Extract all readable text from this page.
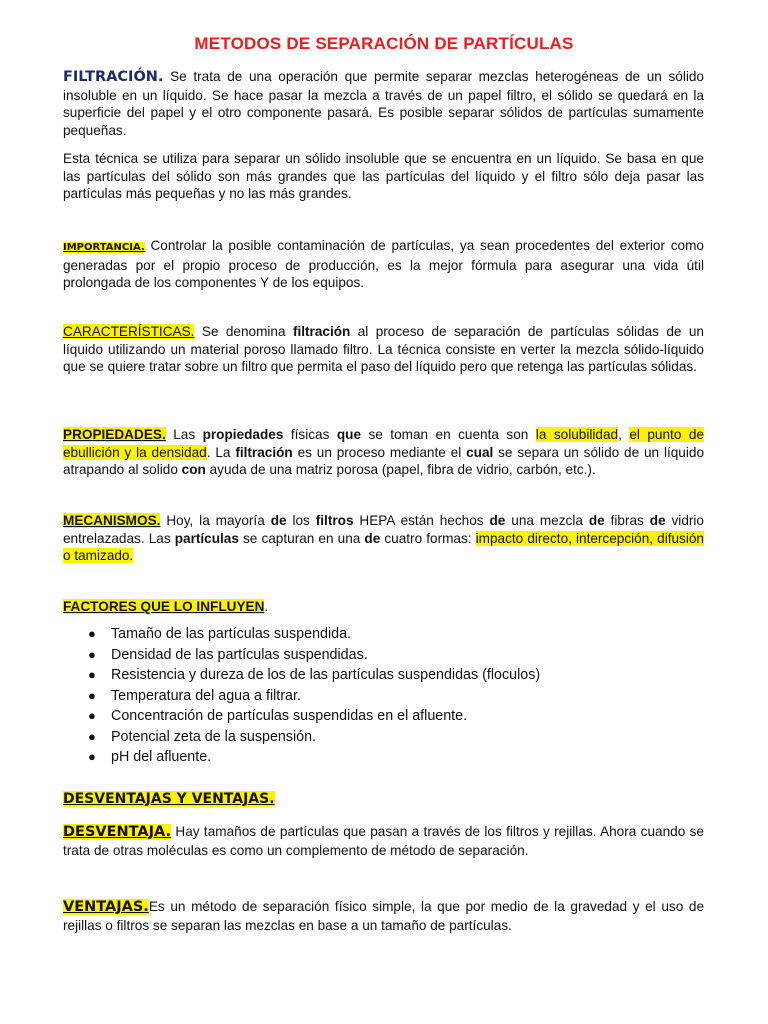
METODOS DE SEPARACIÓN DE PARTÍCULAS
FILTRACIÓN. Se trata de una operación que permite separar mezclas heterogéneas de un sólido insoluble en un líquido. Se hace pasar la mezcla a través de un papel filtro, el sólido se quedará en la superficie del papel y el otro componente pasará. Es posible separar sólidos de partículas sumamente pequeñas.
Esta técnica se utiliza para separar un sólido insoluble que se encuentra en un líquido. Se basa en que las partículas del sólido son más grandes que las partículas del líquido y el filtro sólo deja pasar las partículas más pequeñas y no las más grandes.
IMPORTANCIA. Controlar la posible contaminación de partículas, ya sean procedentes del exterior como generadas por el propio proceso de producción, es la mejor fórmula para asegurar una vida útil prolongada de los componentes Y de los equipos.
CARACTERÍSTICAS. Se denomina filtración al proceso de separación de partículas sólidas de un líquido utilizando un material poroso llamado filtro. La técnica consiste en verter la mezcla sólido-líquido que se quiere tratar sobre un filtro que permita el paso del líquido pero que retenga las partículas sólidas.
PROPIEDADES. Las propiedades físicas que se toman en cuenta son la solubilidad, el punto de ebullición y la densidad. La filtración es un proceso mediante el cual se separa un sólido de un líquido atrapando al solido con ayuda de una matriz porosa (papel, fibra de vidrio, carbón, etc.).
MECANISMOS. Hoy, la mayoría de los filtros HEPA están hechos de una mezcla de fibras de vidrio entrelazadas. Las partículas se capturan en una de cuatro formas: impacto directo, intercepción, difusión o tamizado.
FACTORES QUE LO INFLUYEN.
● Tamaño de las partículas suspendida.
● Densidad de las partículas suspendidas.
● Resistencia y dureza de los de las partículas suspendidas (floculos)
● Temperatura del agua a filtrar.
● Concentración de partículas suspendidas en el afluente.
● Potencial zeta de la suspensión.
● pH del afluente.
DESVENTAJAS Y VENTAJAS.
DESVENTAJA. Hay tamaños de partículas que pasan a través de los filtros y rejillas. Ahora cuando se trata de otras moléculas es como un complemento de método de separación.
VENTAJAS.Es un método de separación físico simple, la que por medio de la gravedad y el uso de rejillas o filtros se separan las mezclas en base a un tamaño de partículas.
